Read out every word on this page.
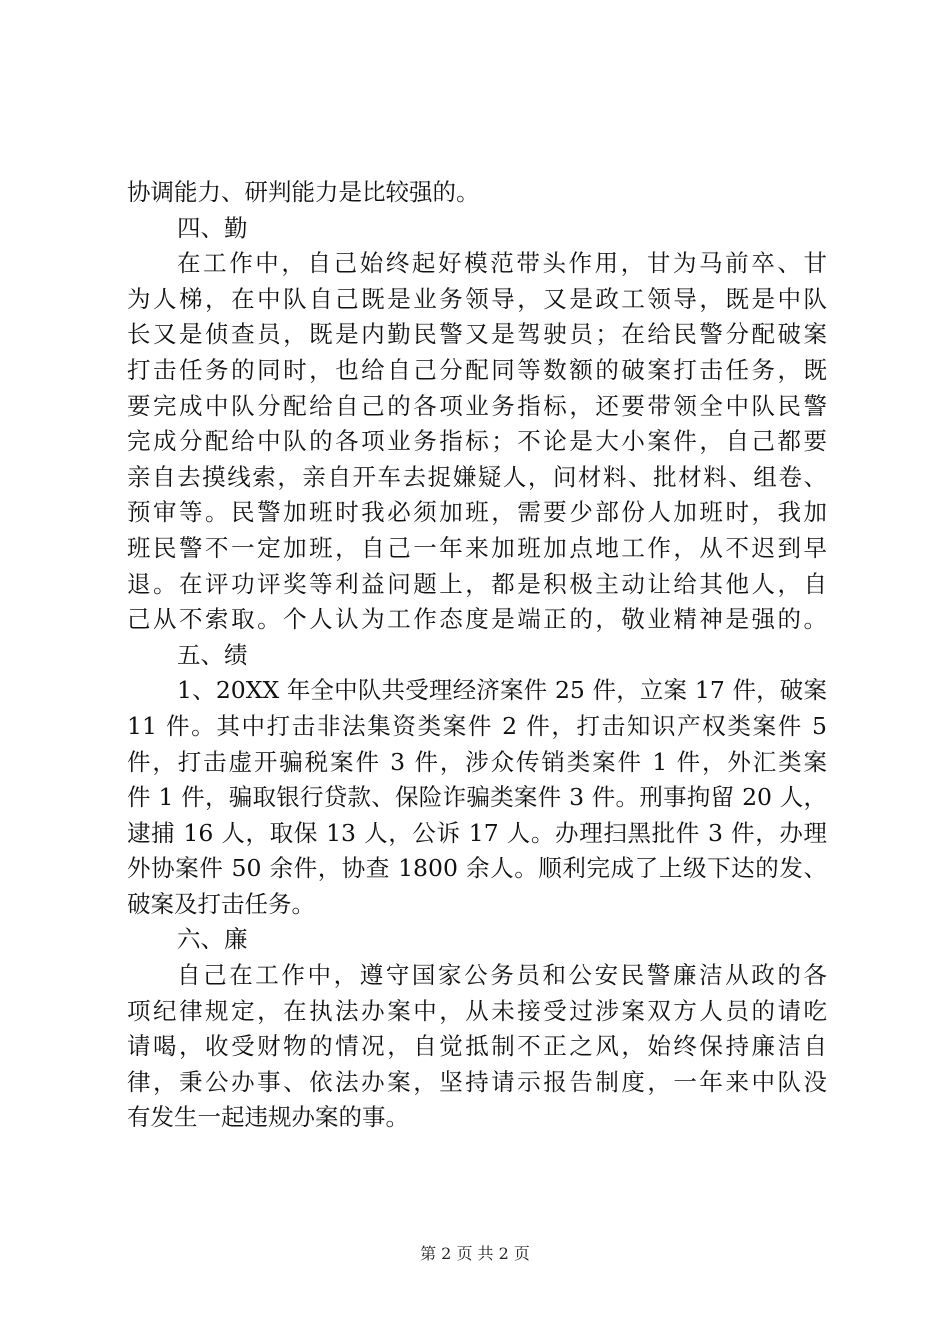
协调能力、研判能力是比较强的。
四、勤
在工作中，自己始终起好模范带头作用，甘为马前卒、甘
为人梯，在中队自己既是业务领导，又是政工领导，既是中队
长又是侦查员，既是内勤民警又是驾驶员；在给民警分配破案
打击任务的同时，也给自己分配同等数额的破案打击任务，既
要完成中队分配给自己的各项业务指标，还要带领全中队民警
完成分配给中队的各项业务指标；不论是大小案件，自己都要
亲自去摸线索，亲自开车去捉嫌疑人，问材料、批材料、组卷、
预审等。民警加班时我必须加班，需要少部份人加班时，我加
班民警不一定加班，自己一年来加班加点地工作，从不迟到早
退。在评功评奖等利益问题上，都是积极主动让给其他人，自
己从不索取。个人认为工作态度是端正的，敬业精神是强的。
五、绩
1、20XX 年全中队共受理经济案件 25 件，立案 17 件，破案
11 件。其中打击非法集资类案件 2 件，打击知识产权类案件 5
件，打击虚开骗税案件 3 件，涉众传销类案件 1 件，外汇类案
件 1 件，骗取银行贷款、保险诈骗类案件 3 件。刑事拘留 20 人，
逮捕 16 人，取保 13 人，公诉 17 人。办理扫黑批件 3 件，办理
外协案件 50 余件，协查 1800 余人。顺利完成了上级下达的发、
破案及打击任务。
六、廉
自己在工作中，遵守国家公务员和公安民警廉洁从政的各
项纪律规定，在执法办案中，从未接受过涉案双方人员的请吃
请喝，收受财物的情况，自觉抵制不正之风，始终保持廉洁自
律，秉公办事、依法办案，坚持请示报告制度，一年来中队没
有发生一起违规办案的事。
第 2 页 共 2 页
